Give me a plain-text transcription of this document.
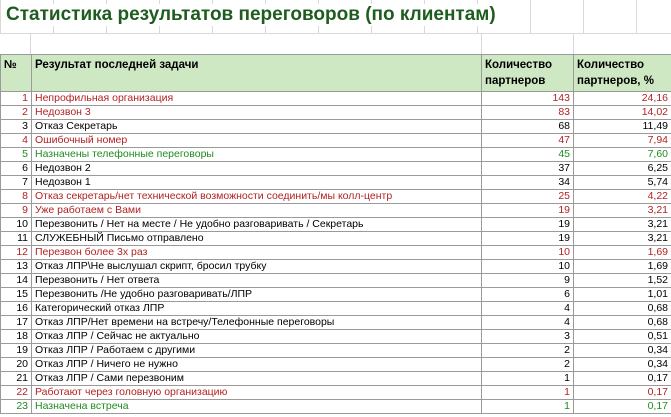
Статистика результатов переговоров (по клиентам)
№	Результат последней задачи	Количество партнеров	Количество партнеров, %
1	Непрофильная организация	143	24,16
2	Недозвон 3	83	14,02
3	Отказ Секретарь	68	11,49
4	Ошибочный номер	47	7,94
5	Назначены телефонные переговоры	45	7,60
6	Недозвон 2	37	6,25
7	Недозвон 1	34	5,74
8	Отказ секретарь/нет технической возможности соединить/мы колл-центр	25	4,22
9	Уже работаем с Вами	19	3,21
10	Перезвонить / Нет на месте / Не удобно разговаривать / Секретарь	19	3,21
11	СЛУЖЕБНЫЙ Письмо отправлено	19	3,21
12	Перезвон более 3х раз	10	1,69
13	Отказ ЛПР\Не выслушал скрипт, бросил трубку	10	1,69
14	Перезвонить / Нет ответа	9	1,52
15	Перезвонить /Не удобно разговаривать/ЛПР	6	1,01
16	Категорический отказ ЛПР	4	0,68
17	Отказ ЛПР/Нет времени на встречу/Телефонные переговоры	4	0,68
18	Отказ ЛПР / Сейчас не актуально	3	0,51
19	Отказ ЛПР / Работаем с другими	2	0,34
20	Отказ ЛПР / Ничего не нужно	2	0,34
21	Отказ ЛПР / Сами перезвоним	1	0,17
22	Работают через головную организацию	1	0,17
23	Назначена встреча	1	0,17
